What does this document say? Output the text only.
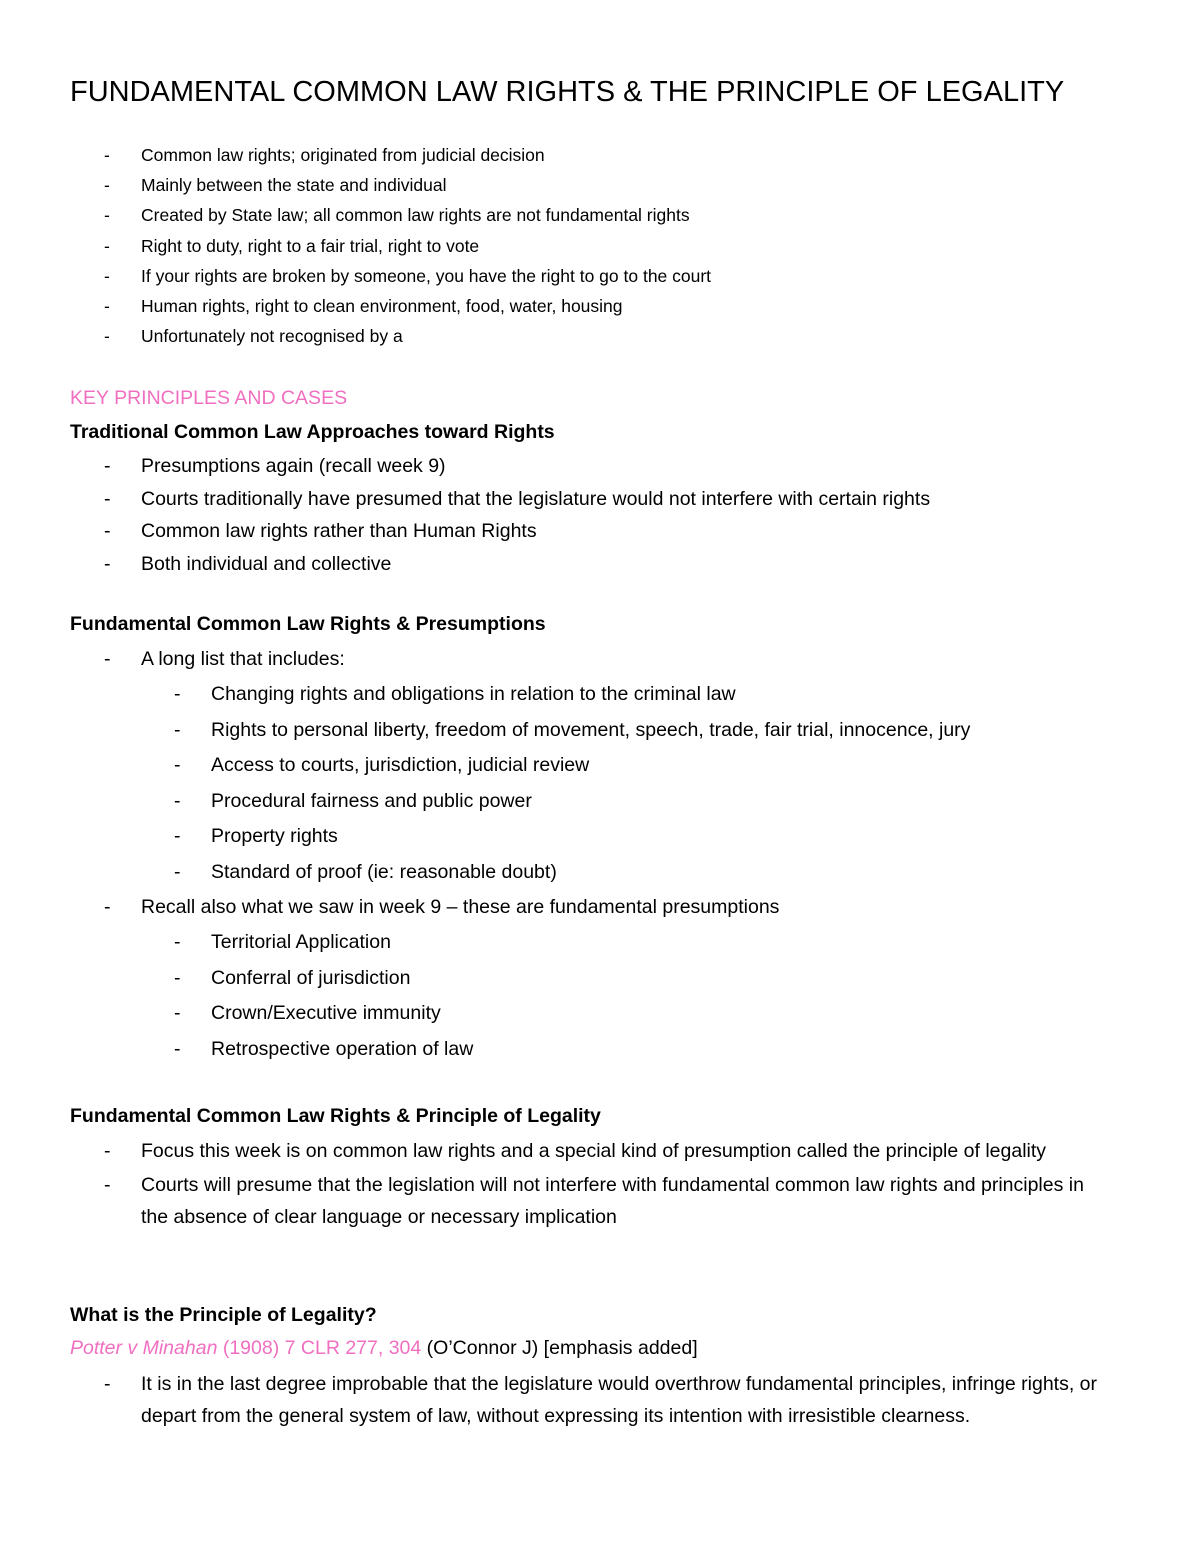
FUNDAMENTAL COMMON LAW RIGHTS & THE PRINCIPLE OF LEGALITY
- Common law rights; originated from judicial decision
- Mainly between the state and individual
- Created by State law; all common law rights are not fundamental rights
- Right to duty, right to a fair trial, right to vote
- If your rights are broken by someone, you have the right to go to the court
- Human rights, right to clean environment, food, water, housing
- Unfortunately not recognised by a
KEY PRINCIPLES AND CASES
Traditional Common Law Approaches toward Rights
- Presumptions again (recall week 9)
- Courts traditionally have presumed that the legislature would not interfere with certain rights
- Common law rights rather than Human Rights
- Both individual and collective
Fundamental Common Law Rights & Presumptions
- A long list that includes:
- Changing rights and obligations in relation to the criminal law
- Rights to personal liberty, freedom of movement, speech, trade, fair trial, innocence, jury
- Access to courts, jurisdiction, judicial review
- Procedural fairness and public power
- Property rights
- Standard of proof (ie: reasonable doubt)
- Recall also what we saw in week 9 – these are fundamental presumptions
- Territorial Application
- Conferral of jurisdiction
- Crown/Executive immunity
- Retrospective operation of law
Fundamental Common Law Rights & Principle of Legality
- Focus this week is on common law rights and a special kind of presumption called the principle of legality
- Courts will presume that the legislation will not interfere with fundamental common law rights and principles in the absence of clear language or necessary implication
What is the Principle of Legality?
Potter v Minahan (1908) 7 CLR 277, 304 (O’Connor J) [emphasis added]
- It is in the last degree improbable that the legislature would overthrow fundamental principles, infringe rights, or depart from the general system of law, without expressing its intention with irresistible clearness.
